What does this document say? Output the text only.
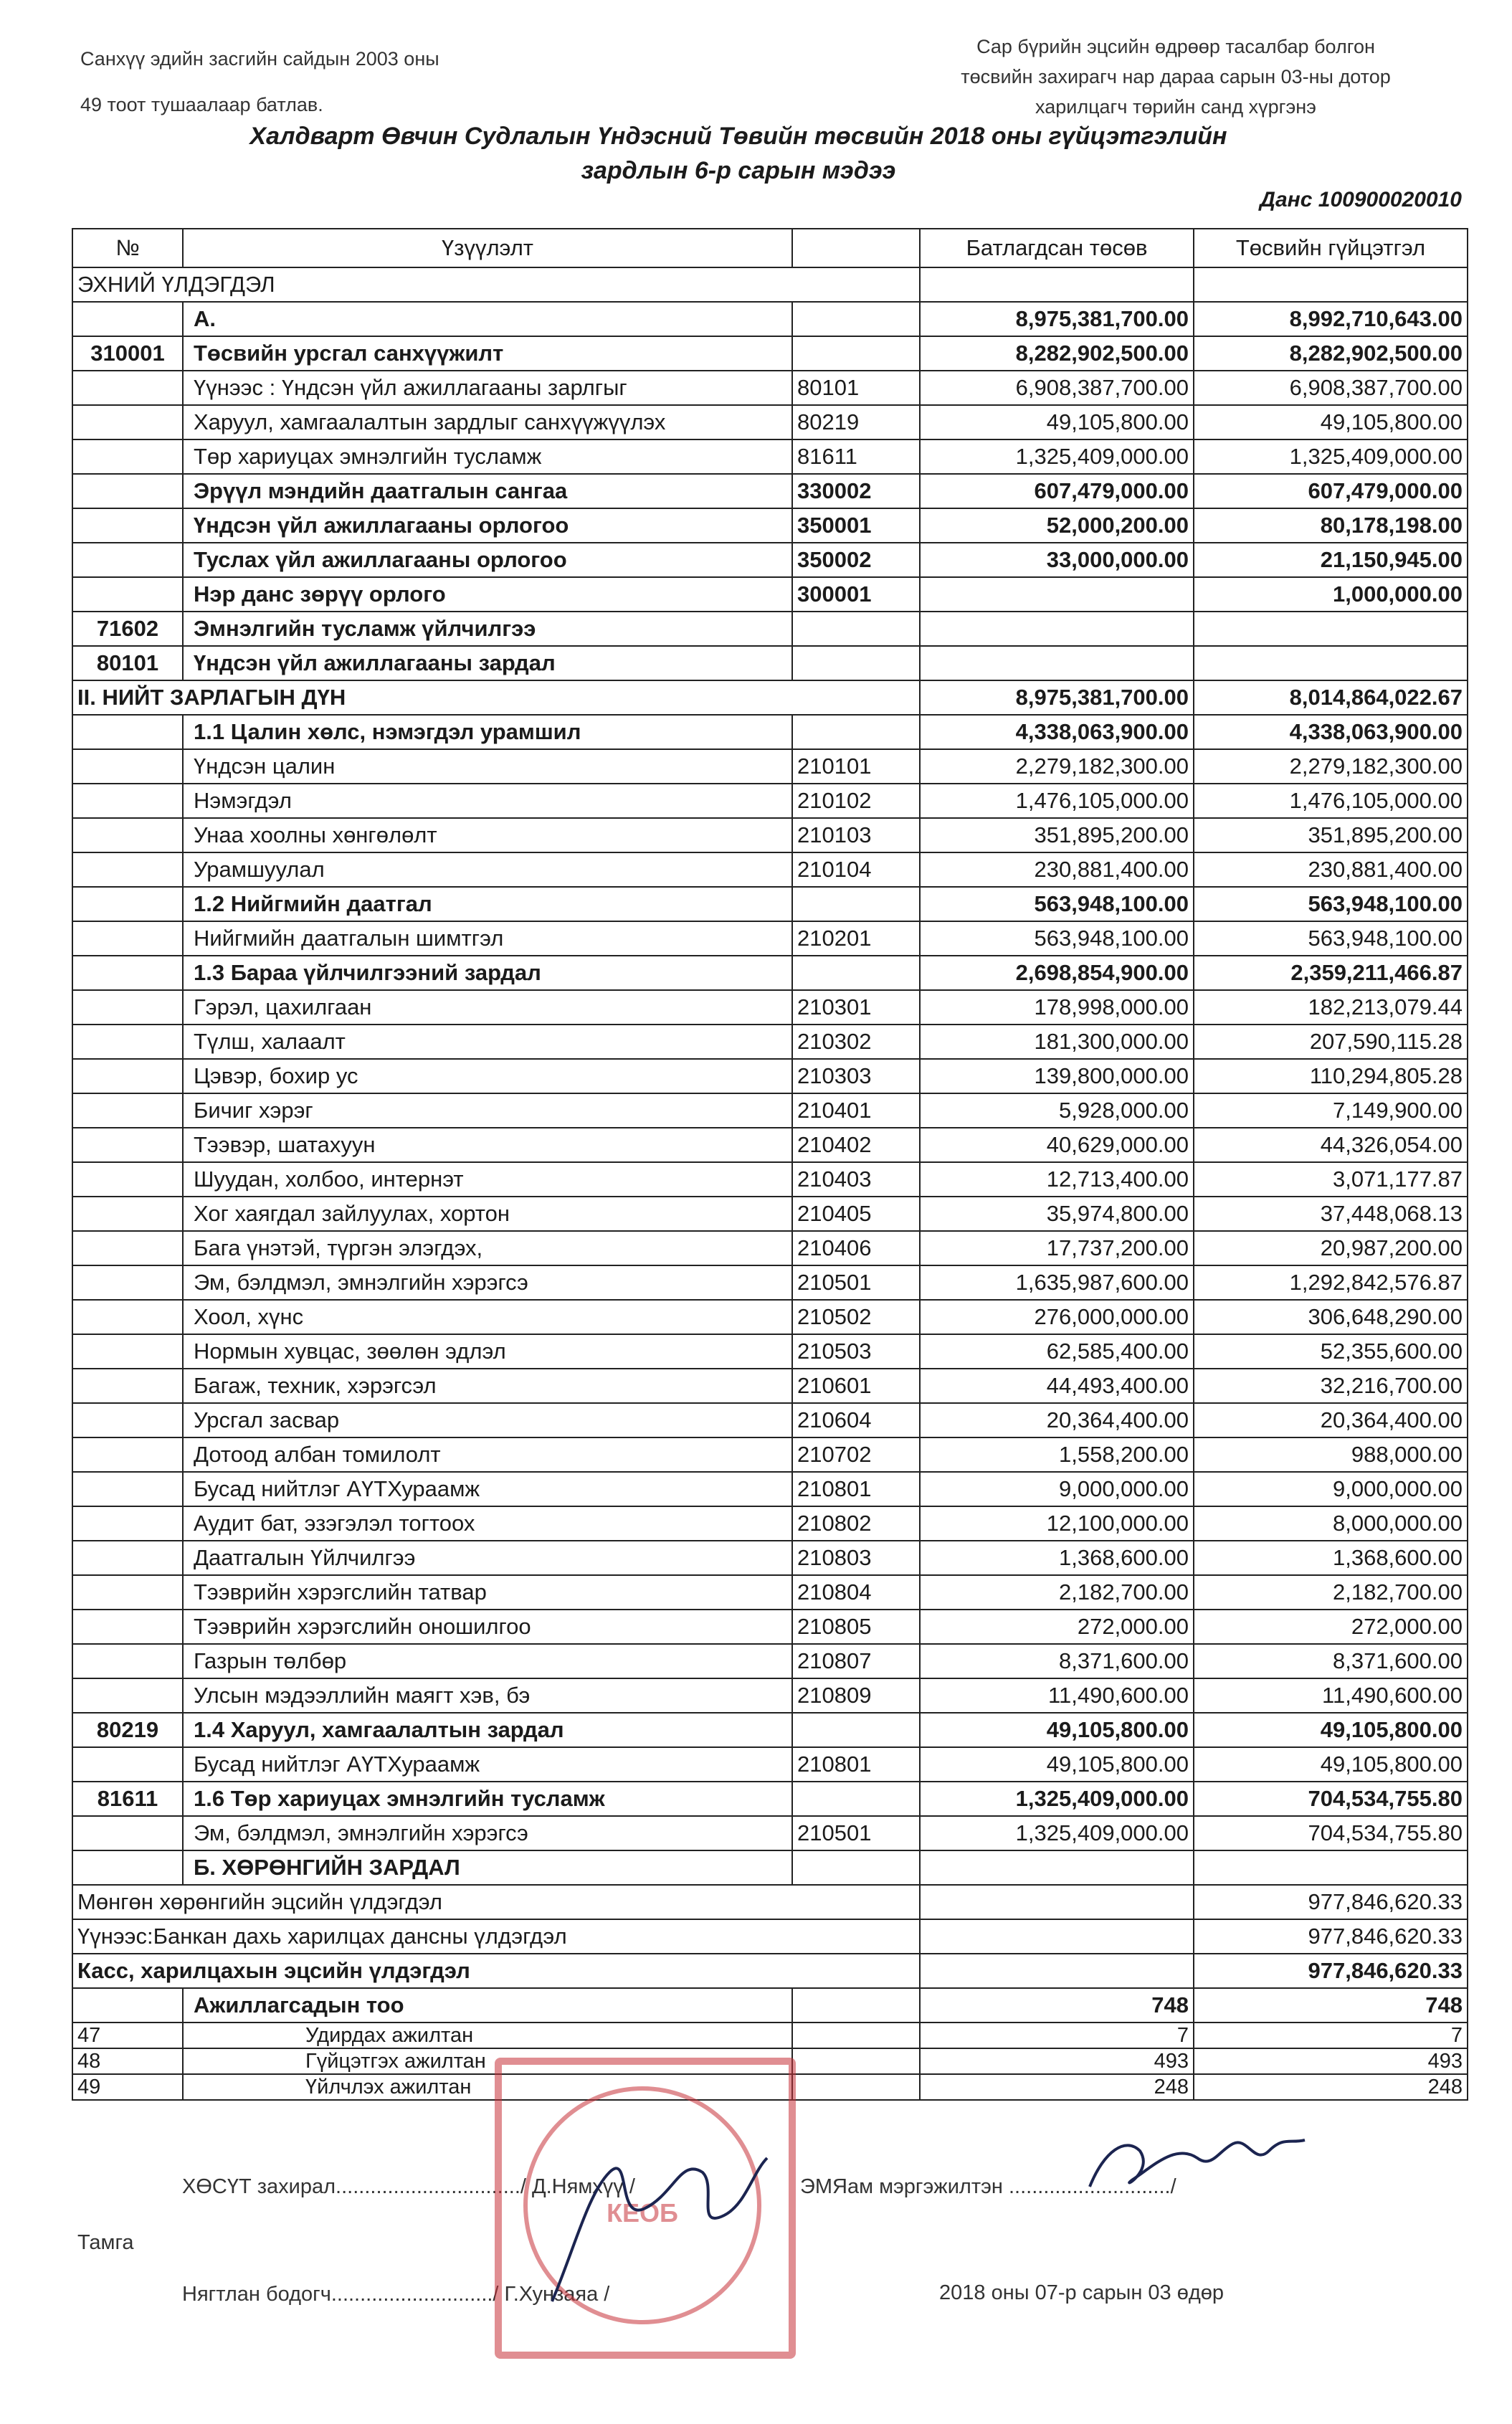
Санхүү эдийн засгийн сайдын 2003 оны
49 тоот тушаалаар батлав.
Сар бүрийн эцсийн өдрөөр тасалбар болгон
төсвийн захирагч нар дараа сарын 03-ны дотор
харилцагч төрийн санд хүргэнэ
Халдварт Өвчин Судлалын Үндэсний Төвийн төсвийн 2018 оны гүйцэтгэлийн
зардлын 6-р сарын мэдээ
Данс 100900020010
№	Үзүүлэлт		Батлагдсан төсөв	Төсвийн гүйцэтгэл
ЭХНИЙ ҮЛДЭГДЭЛ				
	А.		8,975,381,700.00	8,992,710,643.00
310001	Төсвийн урсгал санхүүжилт		8,282,902,500.00	8,282,902,500.00
	Үүнээс : Үндсэн үйл ажиллагааны зарлгыг	80101	6,908,387,700.00	6,908,387,700.00
	Харуул, хамгаалалтын зардлыг санхүүжүүлэх	80219	49,105,800.00	49,105,800.00
	Төр хариуцах эмнэлгийн тусламж	81611	1,325,409,000.00	1,325,409,000.00
	Эрүүл мэндийн даатгалын сангаа	330002	607,479,000.00	607,479,000.00
	Үндсэн үйл ажиллагааны орлогоо	350001	52,000,200.00	80,178,198.00
	Туслах үйл ажиллагааны орлогоо	350002	33,000,000.00	21,150,945.00
	Нэр данс зөрүү орлого	300001		1,000,000.00
71602	Эмнэлгийн тусламж үйлчилгээ			
80101	Үндсэн үйл ажиллагааны зардал			
II. НИЙТ ЗАРЛАГЫН ДҮН			8,975,381,700.00	8,014,864,022.67
	1.1 Цалин хөлс, нэмэгдэл урамшил		4,338,063,900.00	4,338,063,900.00
	Үндсэн цалин	210101	2,279,182,300.00	2,279,182,300.00
	Нэмэгдэл	210102	1,476,105,000.00	1,476,105,000.00
	Унаа хоолны хөнгөлөлт	210103	351,895,200.00	351,895,200.00
	Урамшуулал	210104	230,881,400.00	230,881,400.00
	1.2 Нийгмийн даатгал		563,948,100.00	563,948,100.00
	Нийгмийн даатгалын шимтгэл	210201	563,948,100.00	563,948,100.00
	1.3 Бараа үйлчилгээний зардал		2,698,854,900.00	2,359,211,466.87
	Гэрэл, цахилгаан	210301	178,998,000.00	182,213,079.44
	Түлш, халаалт	210302	181,300,000.00	207,590,115.28
	Цэвэр, бохир ус	210303	139,800,000.00	110,294,805.28
	Бичиг хэрэг	210401	5,928,000.00	7,149,900.00
	Тээвэр, шатахуун	210402	40,629,000.00	44,326,054.00
	Шуудан, холбоо, интернэт	210403	12,713,400.00	3,071,177.87
	Хог хаягдал зайлуулах, хортон	210405	35,974,800.00	37,448,068.13
	Бага үнэтэй, түргэн элэгдэх,	210406	17,737,200.00	20,987,200.00
	Эм, бэлдмэл, эмнэлгийн хэрэгсэ	210501	1,635,987,600.00	1,292,842,576.87
	Хоол, хүнс	210502	276,000,000.00	306,648,290.00
	Нормын хувцас, зөөлөн эдлэл	210503	62,585,400.00	52,355,600.00
	Багаж, техник, хэрэгсэл	210601	44,493,400.00	32,216,700.00
	Урсгал засвар	210604	20,364,400.00	20,364,400.00
	Дотоод албан томилолт	210702	1,558,200.00	988,000.00
	Бусад нийтлэг АҮТХураамж	210801	9,000,000.00	9,000,000.00
	Аудит бат, эзэгэлэл тогтоох	210802	12,100,000.00	8,000,000.00
	Даатгалын Үйлчилгээ	210803	1,368,600.00	1,368,600.00
	Тээврийн хэрэгслийн татвар	210804	2,182,700.00	2,182,700.00
	Тээврийн хэрэгслийн оношилгоо	210805	272,000.00	272,000.00
	Газрын төлбөр	210807	8,371,600.00	8,371,600.00
	Улсын мэдээллийн маягт хэв, бэ	210809	11,490,600.00	11,490,600.00
80219	1.4 Харуул, хамгаалалтын зардал		49,105,800.00	49,105,800.00
	Бусад нийтлэг АҮТХураамж	210801	49,105,800.00	49,105,800.00
81611	1.6 Төр хариуцах эмнэлгийн тусламж		1,325,409,000.00	704,534,755.80
	Эм, бэлдмэл, эмнэлгийн хэрэгсэ	210501	1,325,409,000.00	704,534,755.80
	Б. ХӨРӨНГИЙН ЗАРДАЛ			
Мөнгөн хөрөнгийн эцсийн үлдэгдэл				977,846,620.33
Үүнээс:Банкан дахь харилцах дансны үлдэгдэл				977,846,620.33
Касс, харилцахын эцсийн үлдэгдэл				977,846,620.33
	Ажиллагсадын тоо		748	748
47	Удирдах ажилтан		7	7
48	Гүйцэтгэх ажилтан		493	493
49	Үйлчлэх ажилтан		248	248
ХӨСҮТ захирал................................/ Д.Нямхүү /	ЭМЯам мэргэжилтэн ............................/
Тамга
Нягтлан бодогч............................/ Г.Хунзаяа /	2018 оны 07-р сарын 03 өдөр
КЕОБ
